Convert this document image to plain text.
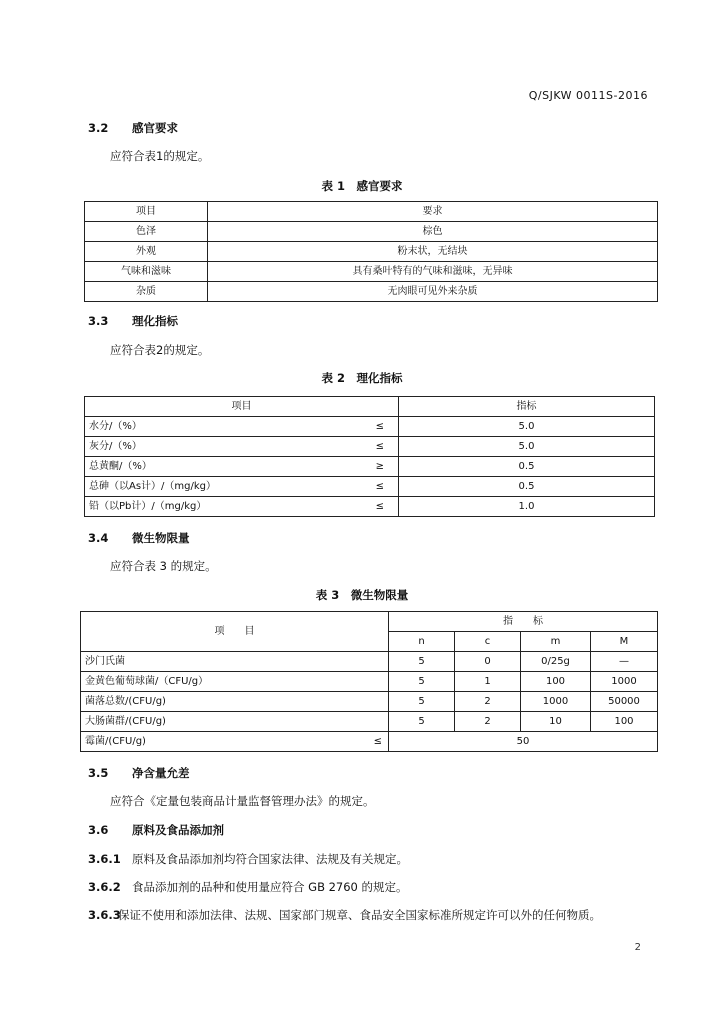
Q/SJKW 0011S-2016
3.2 感官要求
应符合表1的规定。
表 1　感官要求
项目	要求
色泽	棕色
外观	粉末状，无结块
气味和滋味	具有桑叶特有的气味和滋味，无异味
杂质	无肉眼可见外来杂质
3.3 理化指标
应符合表2的规定。
表 2　理化指标
项目		指标
水分/（%）	≤	5.0
灰分/（%）	≤	5.0
总黄酮/（%）	≥	0.5
总砷（以As计）/（mg/kg）	≤	0.5
铅（以Pb计）/（mg/kg）	≤	1.0
3.4 微生物限量
应符合表 3 的规定。
表 3　微生物限量
项　　目		指　　标			
		n	c	m	M
沙门氏菌		5	0	0/25g	—
金黄色葡萄球菌/（CFU/g）		5	1	100	1000
菌落总数/(CFU/g)		5	2	1000	50000
大肠菌群/(CFU/g)		5	2	10	100
霉菌/(CFU/g)	≤	50			
3.5 净含量允差
应符合《定量包装商品计量监督管理办法》的规定。
3.6 原料及食品添加剂
3.6.1 原料及食品添加剂均符合国家法律、法规及有关规定。
3.6.2 食品添加剂的品种和使用量应符合 GB 2760 的规定。
3.6.3保证不使用和添加法律、法规、国家部门规章、食品安全国家标准所规定许可以外的任何物质。
2
